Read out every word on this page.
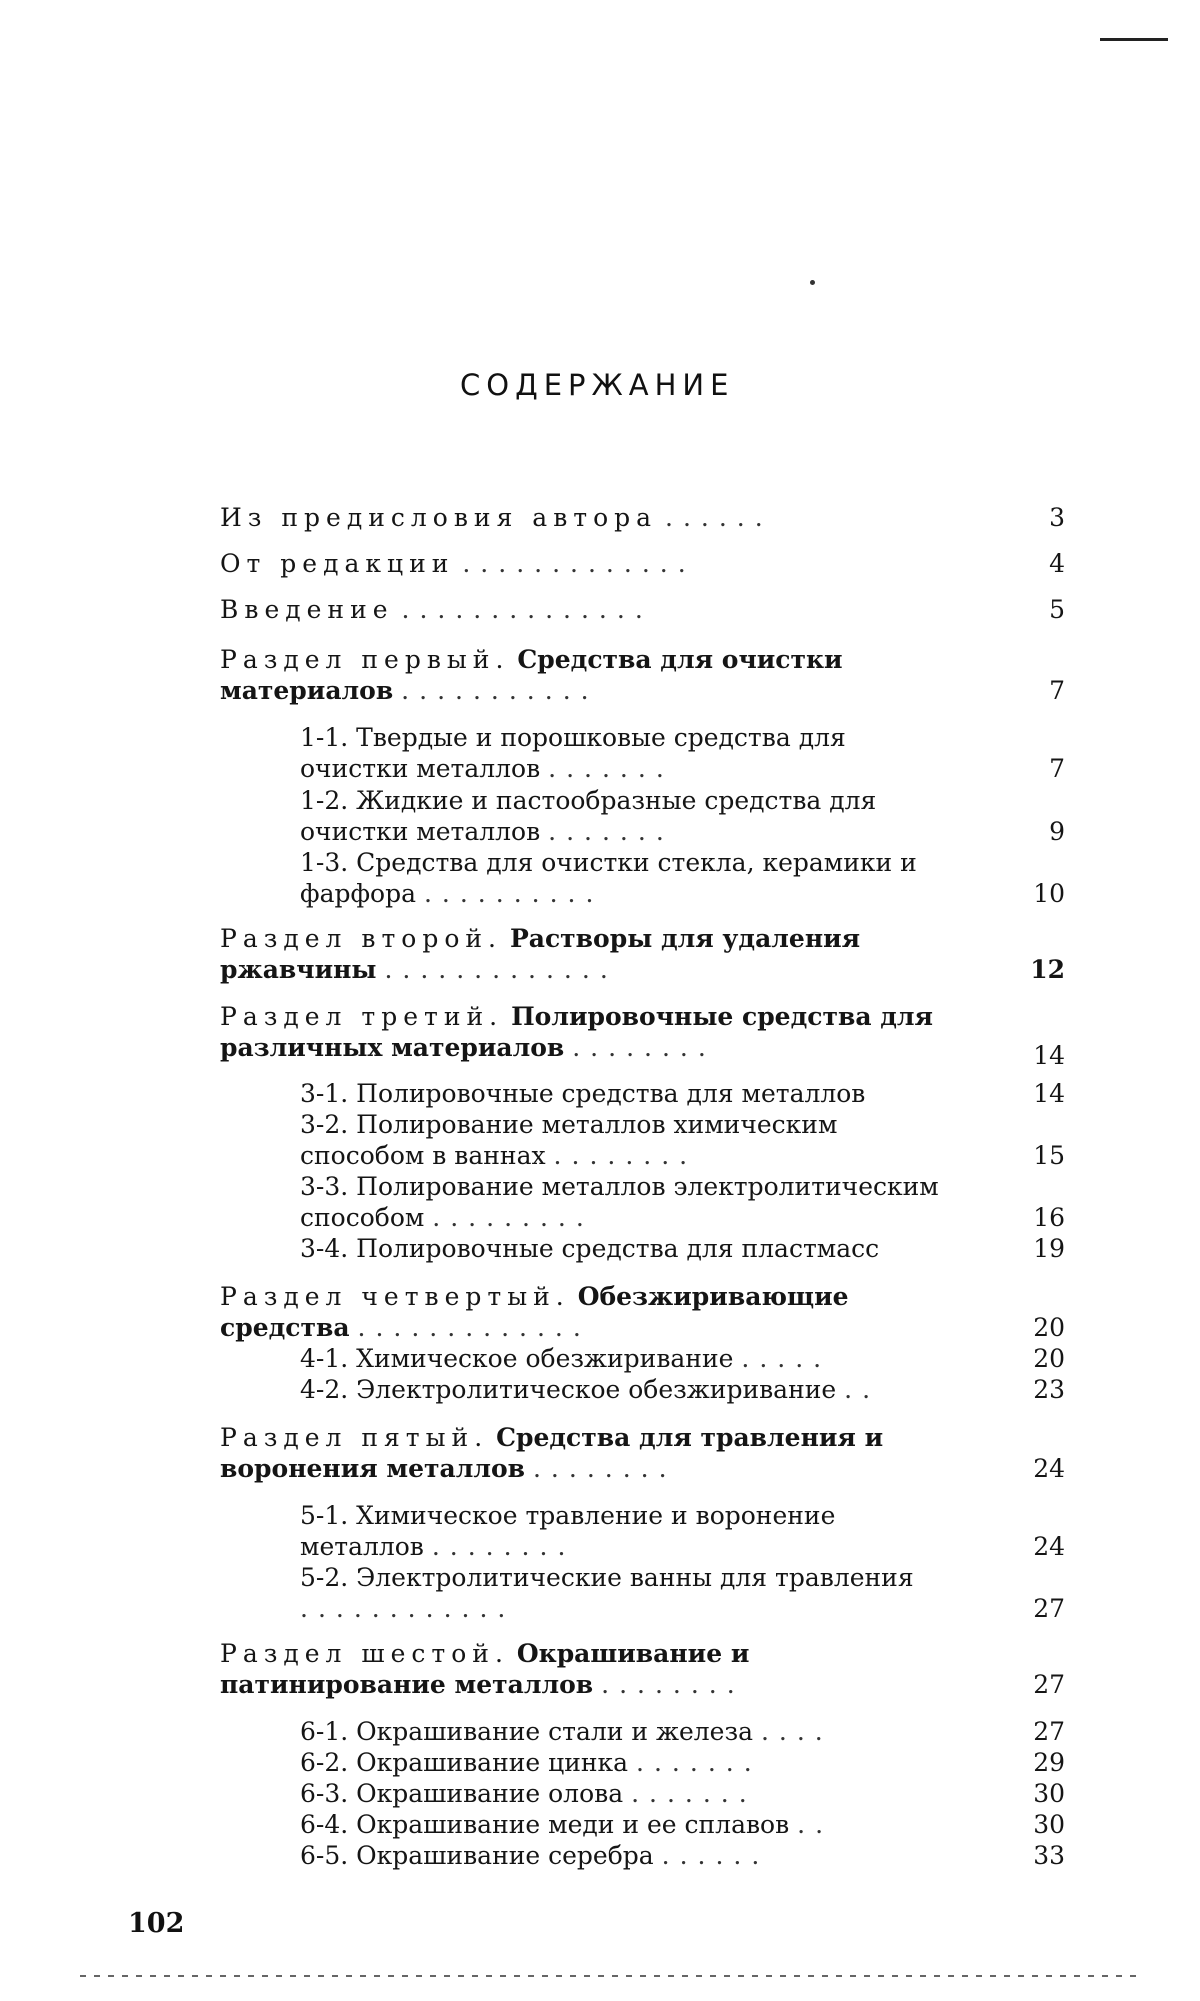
СОДЕРЖАНИЕ
Из предисловия автора ......	3
От редакции .............	4
Введение ..............	5
Раздел первый. Средства для очистки материалов ...........	7
1-1. Твердые и порошковые средства для очистки металлов .......	7
1-2. Жидкие и пастообразные средства для очистки металлов .......	9
1-3. Средства для очистки стекла, керамики и фарфора ..........	10
Раздел второй. Растворы для удаления ржавчины .............	12
Раздел третий. Полировочные средства для различных материалов ........	14
3-1. Полировочные средства для металлов	14
3-2. Полирование металлов химическим способом в ваннах ........	15
3-3. Полирование металлов электролитическим способом .........	16
3-4. Полировочные средства для пластмасс	19
Раздел четвертый. Обезжиривающие средства .............	20
4-1. Химическое обезжиривание .....	20
4-2. Электролитическое обезжиривание ..	23
Раздел пятый. Средства для травления и воронения металлов ........	24
5-1. Химическое травление и воронение металлов ........	24
5-2. Электролитические ванны для травления ............	27
Раздел шестой. Окрашивание и патинирование металлов ........	27
6-1. Окрашивание стали и железа ....	27
6-2. Окрашивание цинка .......	29
6-3. Окрашивание олова .......	30
6-4. Окрашивание меди и ее сплавов ..	30
6-5. Окрашивание серебра ......	33
102
